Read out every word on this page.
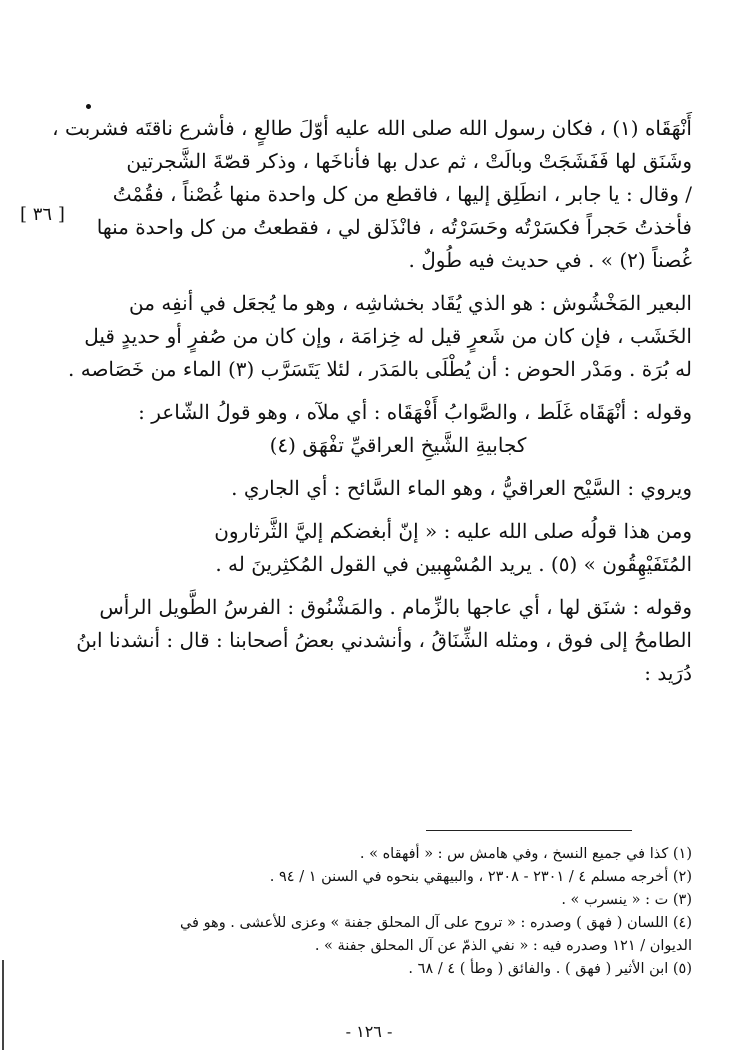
أَنْهَقَاه (١) ، فكان رسول الله صلى الله عليه أوّلَ طالعٍ ، فأشرع ناقتَه فشربت ،
وشَنَق لها فَفَشَجَتْ وبالَتْ ، ثم عدل بها فأناخَها ، وذكر قصّةَ الشَّجرتين
/ وقال : يا جابر ، انطَلِق إليها ، فاقطع من كل واحدة منها غُصْناً ، فقُمْتُ
فأخذتُ حَجراً فكسَرْتُه وحَسَرْتُه ، فانْذَلق لي ، فقطعتُ من كل واحدة منها
غُصناً (٢) » . في حديث فيه طُولٌ .
البعير المَخْشُوش : هو الذي يُقَاد بخشاشِه ، وهو ما يُجعَل في أنفِه من
الخَشَب ، فإن كان من شَعرٍ قيل له خِزامَة ، وإن كان من صُفرٍ أو حديدٍ قيل
له بُرَة . ومَدْر الحوض : أن يُطْلَى بالمَدَر ، لئلا يَتَسَرَّب (٣) الماء من خَصَاصه .
وقوله : أنْهَقَاه غَلَط ، والصَّوابُ أَفْهَقَاه : أي ملآه ، وهو قولُ الشّاعر :
كجابيةِ الشَّيخِ العراقيِّ تفْهَق (٤)
ويروي : السَّيْح العراقيُّ ، وهو الماء السَّائح : أي الجاري .
ومن هذا قولُه صلى الله عليه : « إنّ أبغضكم إليَّ الثَّرثارون
المُتَفَيْهِقُون » (٥) . يريد المُسْهِبين في القول المُكثِرينَ له .
وقوله : شنَق لها ، أي عاجها بالزِّمام . والمَشْنُوق : الفرسُ الطَّويل الرأس
الطامحُ إلى فوق ، ومثله الشِّنَاقُ ، وأنشدني بعضُ أصحابنا : قال : أنشدنا ابنُ
دُرَيد :
[ ٣٦ ]
(١) كذا في جميع النسخ ، وفي هامش س : « أفهقاه » .
(٢) أخرجه مسلم ٤ / ٢٣٠١ - ٢٣٠٨ ، والبيهقي بنحوه في السنن ١ / ٩٤ .
(٣) ت : « ينسرب » .
(٤) اللسان ( فهق ) وصدره : « تروح على آل المحلق جفنة » وعزى للأعشى . وهو في
الديوان / ١٢١ وصدره فيه : « نفي الذمّ عن آل المحلق جفنة » .
(٥) ابن الأثير ( فهق ) . والفائق ( وطأ ) ٤ / ٦٨ .
- ١٢٦ -
